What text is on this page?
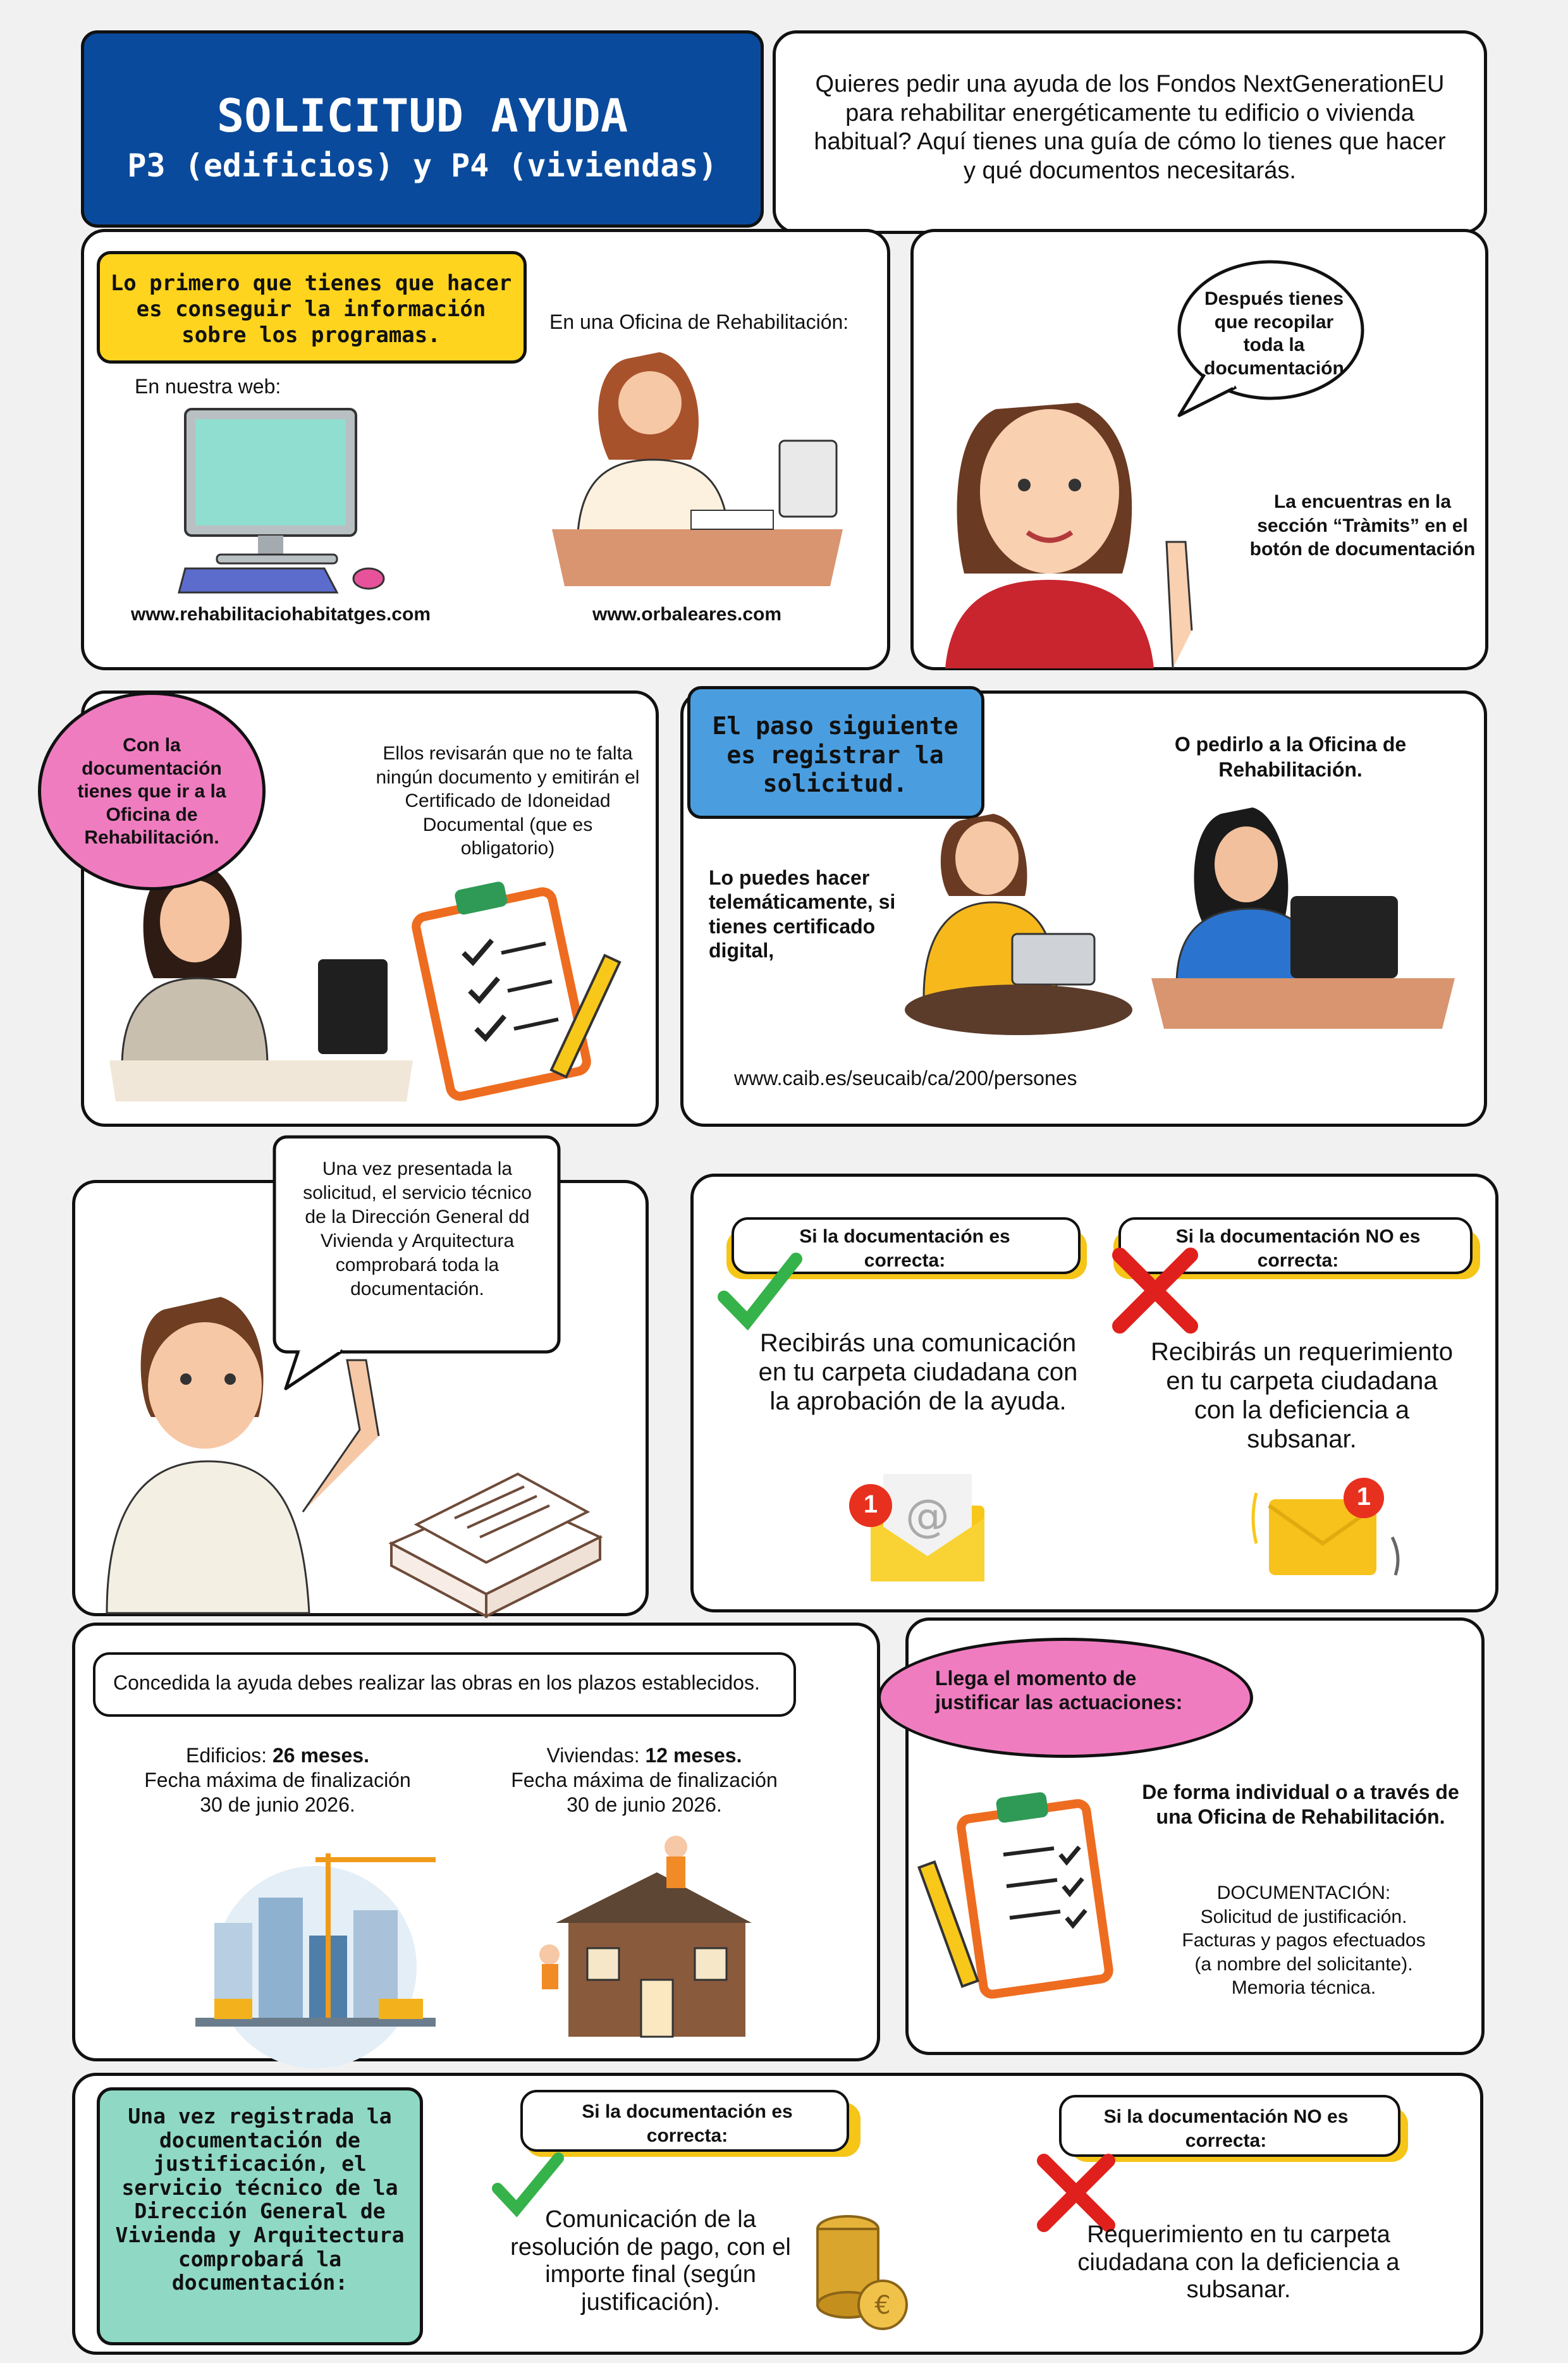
SOLICITUD AYUDA
P3 (edificios) y P4 (viviendas)
Quieres pedir una ayuda de los Fondos NextGenerationEU para rehabilitar energéticamente tu edificio o vivienda habitual? Aquí tienes una guía de cómo lo tienes que hacer y qué documentos necesitarás.
Lo primero que tienes que hacer es conseguir la información sobre los programas.
En una Oficina de Rehabilitación:
En nuestra web:
www.rehabilitaciohabitatges.com	www.orbaleares.com
Después tienes que recopilar toda la documentación
La encuentras en la sección “Tràmits” en el botón de documentación
Ellos revisarán que no te falta ningún documento y emitirán el Certificado de Idoneidad Documental (que es obligatorio)
Con la documentación tienes que ir a la Oficina de Rehabilitación.
El paso siguiente es registrar la solicitud.
O pedirlo a la Oficina de Rehabilitación.
Lo puedes hacer telemáticamente, si tienes certificado digital,
www.caib.es/seucaib/ca/200/persones
Una vez presentada la solicitud, el servicio técnico de la Dirección General dd Vivienda y Arquitectura comprobará toda la documentación.
Si la documentación es correcta:
Si la documentación NO es correcta:
Recibirás una comunicación en tu carpeta ciudadana con la aprobación de la ayuda.
Recibirás un requerimiento en tu carpeta ciudadana con la deficiencia a subsanar.
@
1	1
Concedida la ayuda debes realizar las obras en los plazos establecidos.
Edificios: 26 meses.
Fecha máxima de finalización
30 de junio 2026.
Viviendas: 12 meses.
Fecha máxima de finalización
30 de junio 2026.
De forma individual o a través de una Oficina de Rehabilitación.
DOCUMENTACIÓN:
Solicitud de justificación.
Facturas y pagos efectuados
(a nombre del solicitante).
Memoria técnica.
Llega el momento de justificar las actuaciones:
Una vez registrada la documentación de justificación, el servicio técnico de la Dirección General de Vivienda y Arquitectura comprobará la documentación:
Si la documentación es correcta:
Si la documentación NO es correcta:
Comunicación de la resolución de pago, con el importe final (según justificación).
Requerimiento en tu carpeta ciudadana con la deficiencia a subsanar.
€
